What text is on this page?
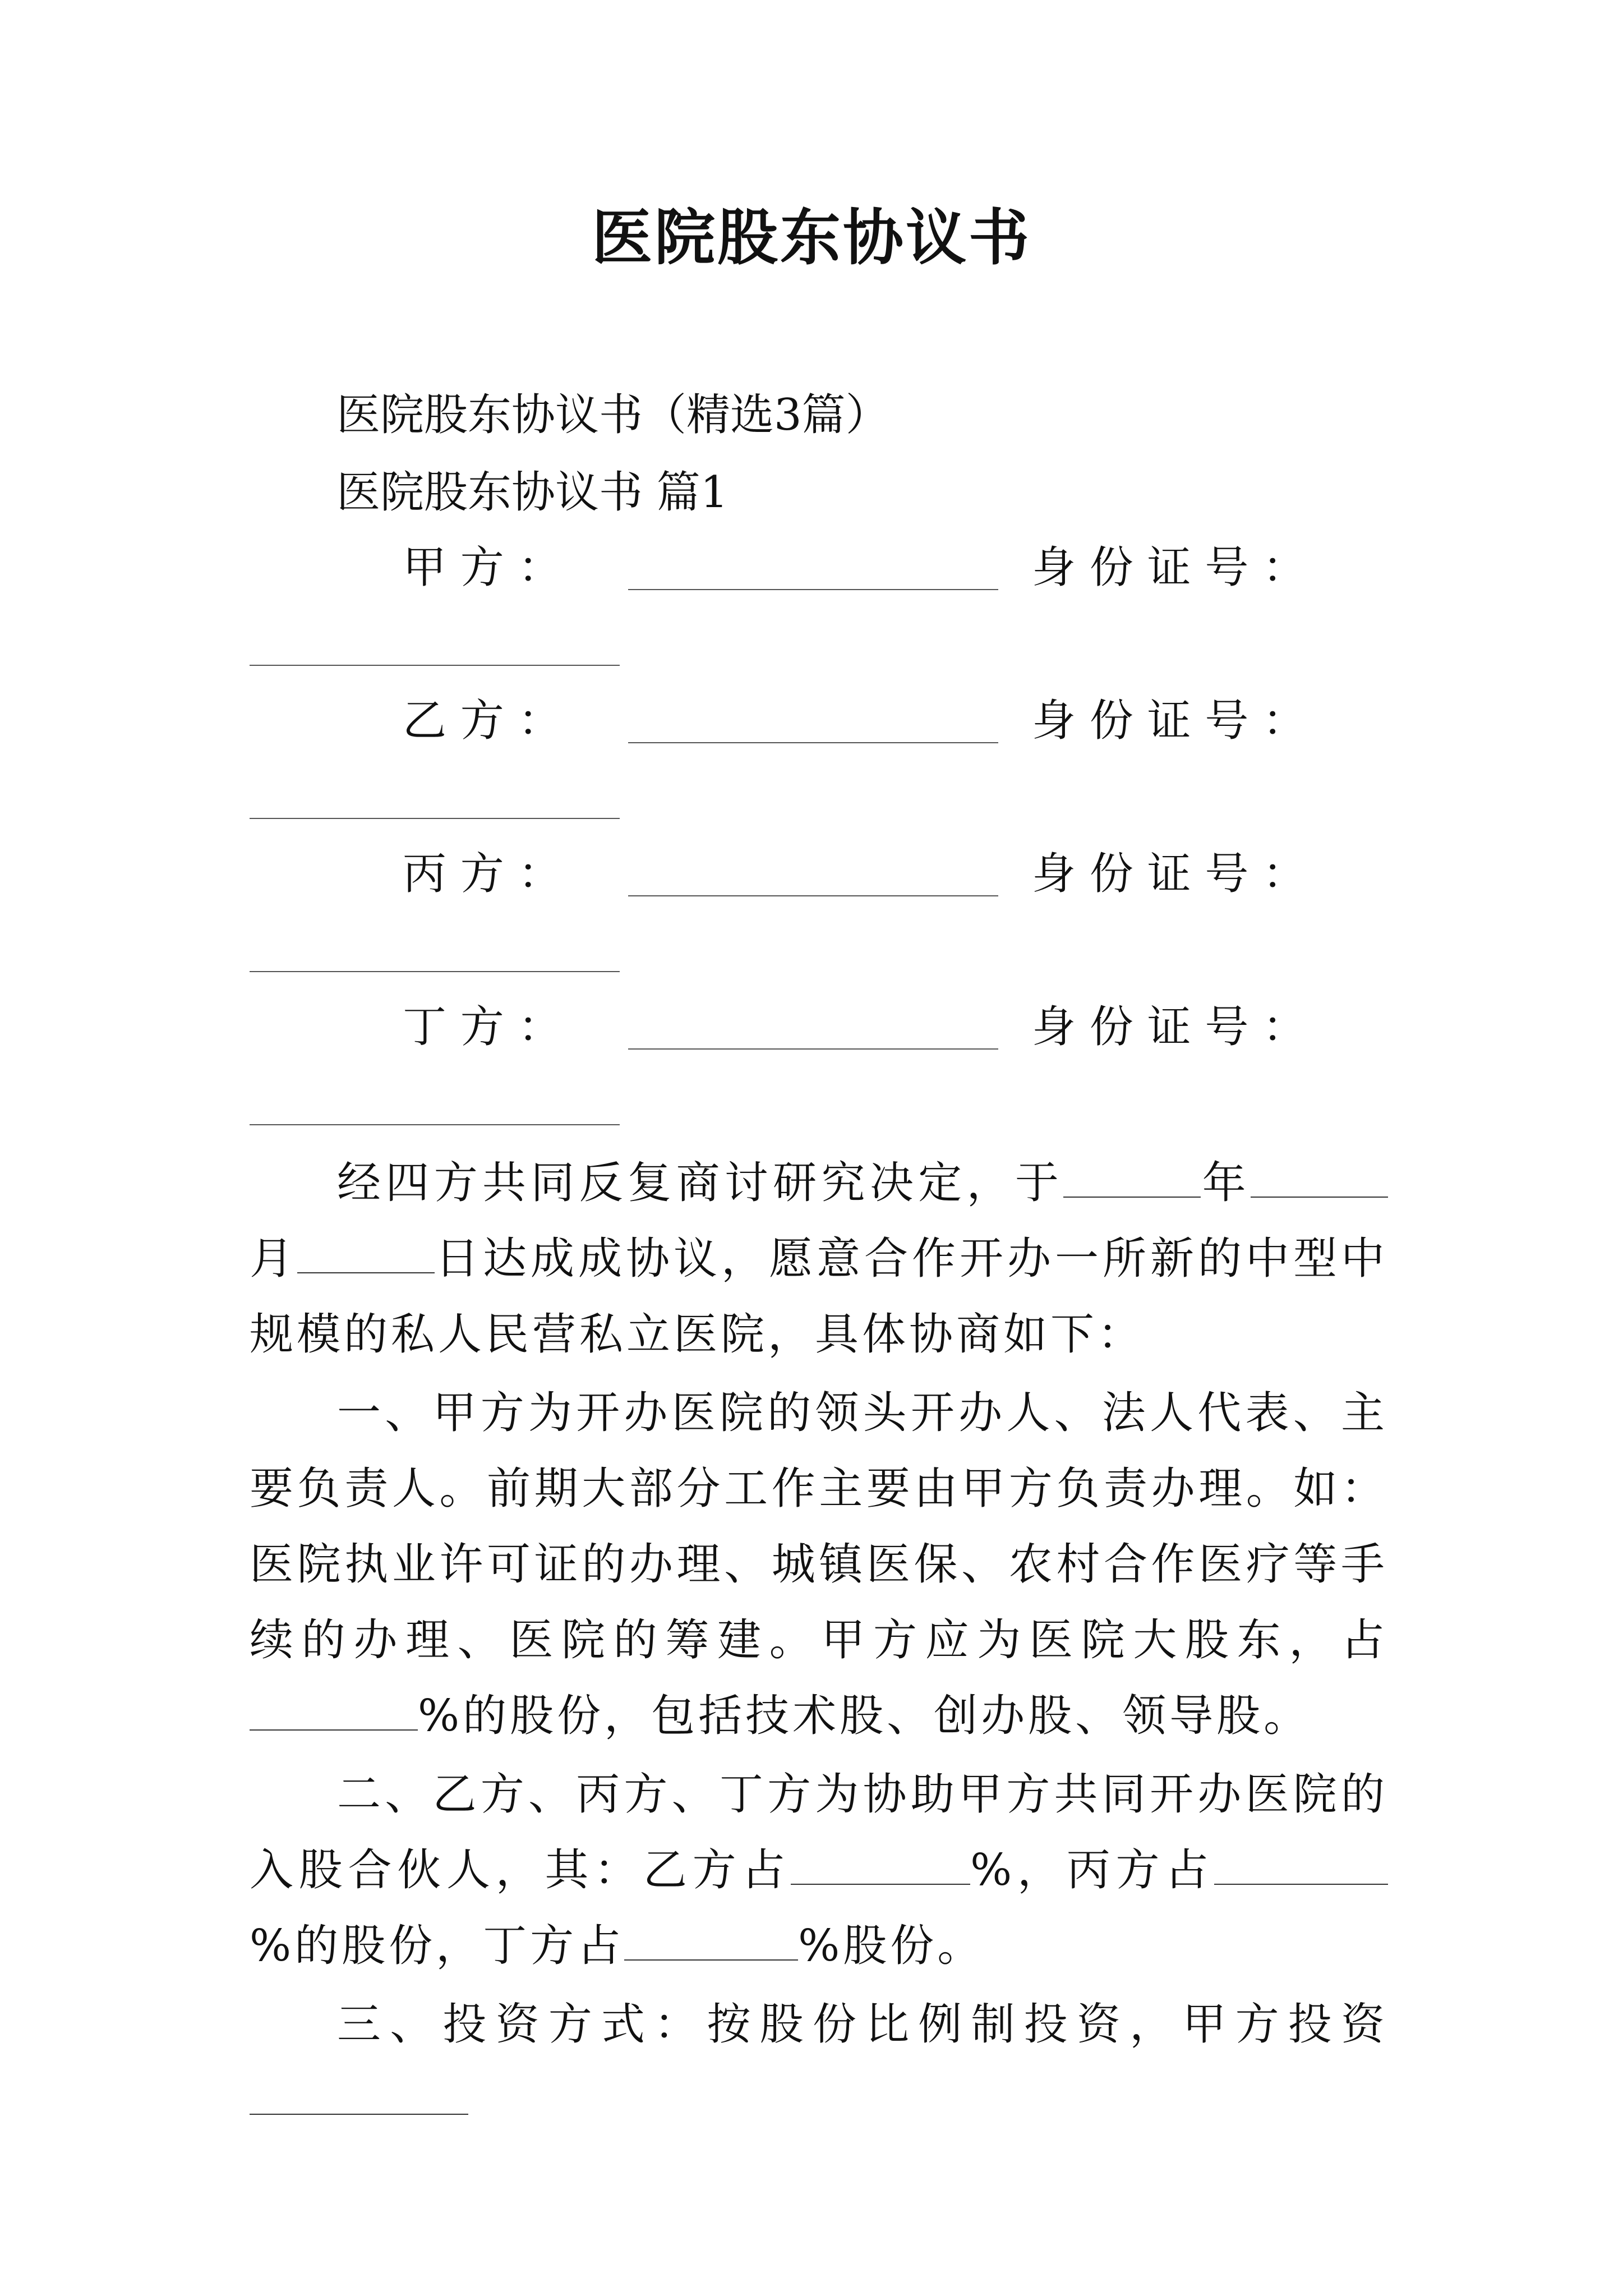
医院股东协议书
医院股东协议书（精选3篇）
医院股东协议书 篇1
甲 方 ：	身 份 证 号 ：
乙 方 ：	身 份 证 号 ：
丙 方 ：	身 份 证 号 ：
丁 方 ：	身 份 证 号 ：
经四方共同反复商讨研究决定，于	年月	日达成成协议，愿意合作开办一所新的中型中规模的私人民营私立医院，具体协商如下：
一、甲方为开办医院的领头开办人、法人代表、主要负责人。前期大部分工作主要由甲方负责办理。如：医院执业许可证的办理、城镇医保、农村合作医疗等手续的办理、医院的筹建。甲方应为医院大股东，占%的股份，包括技术股、创办股、领导股。
二、乙方、丙方、丁方为协助甲方共同开办医院的入股合伙人，其：乙方占	%，丙方占%的股份，丁方占	%股份。
三、投资方式：按股份比例制投资，甲方投资
